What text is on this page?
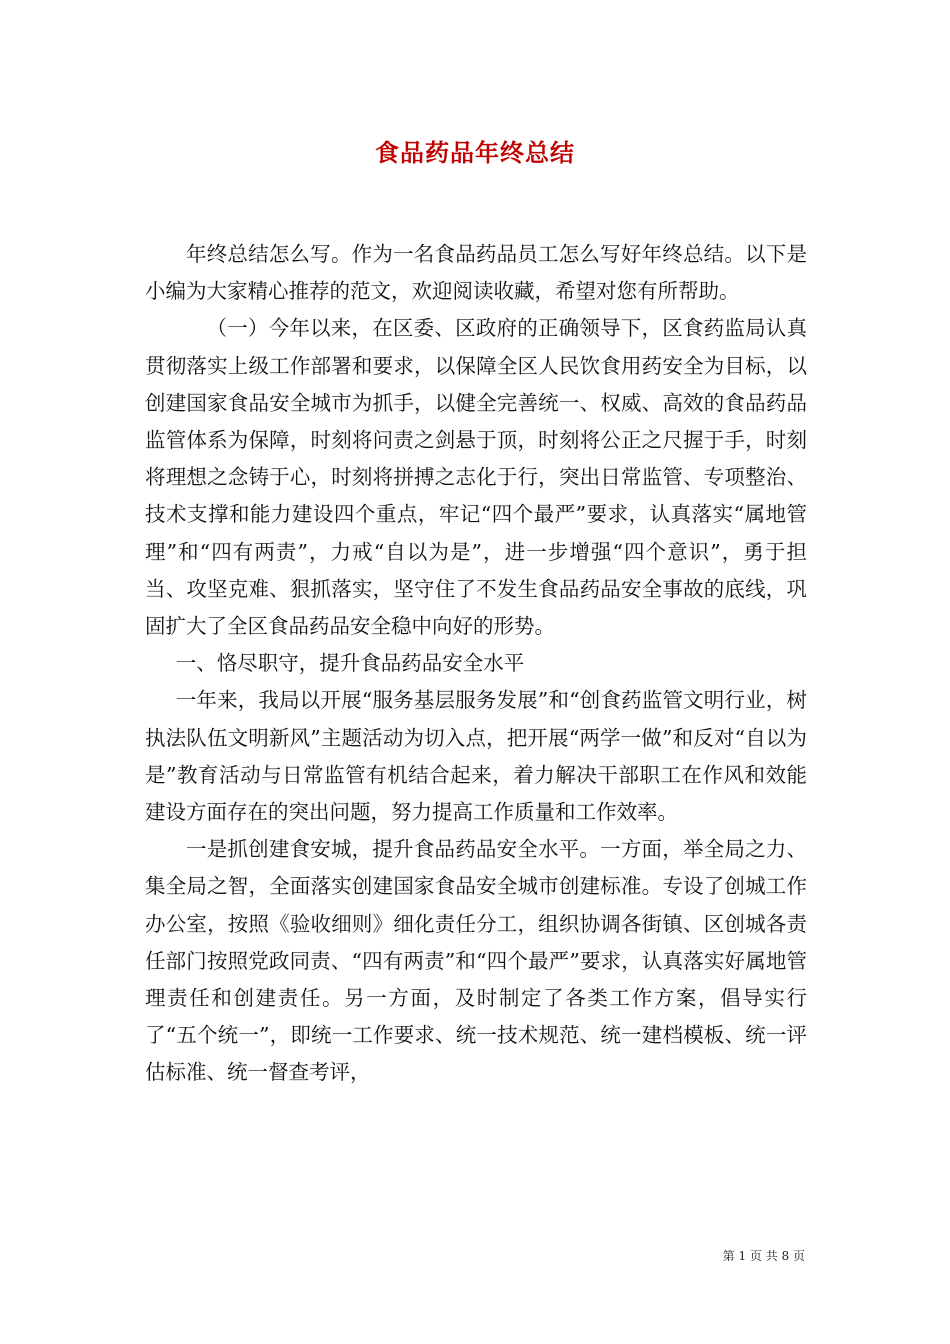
食品药品年终总结

年终总结怎么写。作为一名食品药品员工怎么写好年终总结。以下是小编为大家精心推荐的范文，欢迎阅读收藏，希望对您有所帮助。

（一）今年以来，在区委、区政府的正确领导下，区食药监局认真贯彻落实上级工作部署和要求，以保障全区人民饮食用药安全为目标，以创建国家食品安全城市为抓手，以健全完善统一、权威、高效的食品药品监管体系为保障，时刻将问责之剑悬于顶，时刻将公正之尺握于手，时刻将理想之念铸于心，时刻将拼搏之志化于行，突出日常监管、专项整治、技术支撑和能力建设四个重点，牢记“四个最严”要求，认真落实“属地管理”和“四有两责”，力戒“自以为是”，进一步增强“四个意识”，勇于担当、攻坚克难、狠抓落实，坚守住了不发生食品药品安全事故的底线，巩固扩大了全区食品药品安全稳中向好的形势。

一、恪尽职守，提升食品药品安全水平

一年来，我局以开展“服务基层服务发展”和“创食药监管文明行业，树执法队伍文明新风”主题活动为切入点，把开展“两学一做”和反对“自以为是”教育活动与日常监管有机结合起来，着力解决干部职工在作风和效能建设方面存在的突出问题，努力提高工作质量和工作效率。

一是抓创建食安城，提升食品药品安全水平。一方面，举全局之力、集全局之智，全面落实创建国家食品安全城市创建标准。专设了创城工作办公室，按照《验收细则》细化责任分工，组织协调各街镇、区创城各责任部门按照党政同责、“四有两责”和“四个最严”要求，认真落实好属地管理责任和创建责任。另一方面，及时制定了各类工作方案，倡导实行了“五个统一”，即统一工作要求、统一技术规范、统一建档模板、统一评估标准、统一督查考评，

第 1 页 共 8 页
